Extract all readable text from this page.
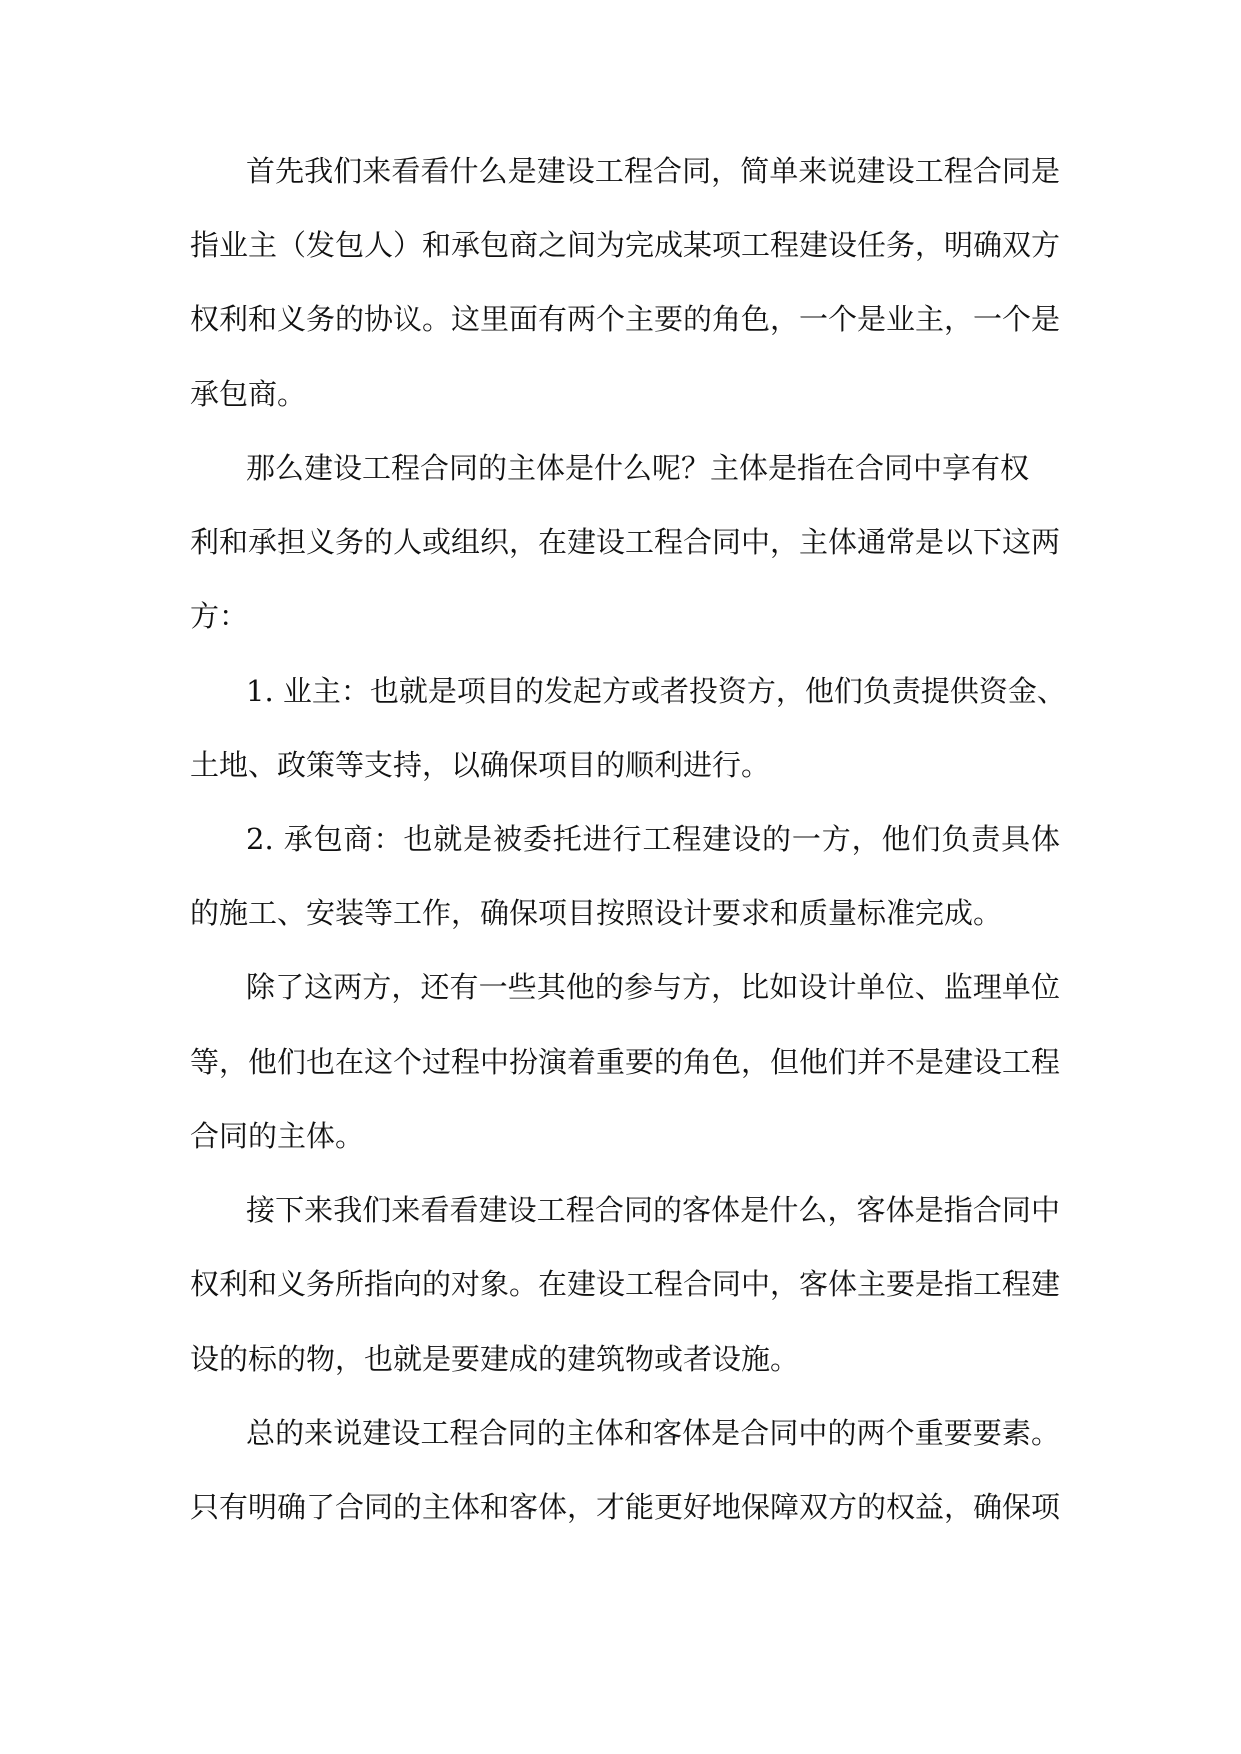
首先我们来看看什么是建设工程合同，简单来说建设工程合同是
指业主（发包人）和承包商之间为完成某项工程建设任务，明确双方
权利和义务的协议。这里面有两个主要的角色，一个是业主，一个是
承包商。
那么建设工程合同的主体是什么呢？主体是指在合同中享有权
利和承担义务的人或组织，在建设工程合同中，主体通常是以下这两
方：
1. 业主：也就是项目的发起方或者投资方，他们负责提供资金、
土地、政策等支持，以确保项目的顺利进行。
2. 承包商：也就是被委托进行工程建设的一方，他们负责具体
的施工、安装等工作，确保项目按照设计要求和质量标准完成。
除了这两方，还有一些其他的参与方，比如设计单位、监理单位
等，他们也在这个过程中扮演着重要的角色，但他们并不是建设工程
合同的主体。
接下来我们来看看建设工程合同的客体是什么，客体是指合同中
权利和义务所指向的对象。在建设工程合同中，客体主要是指工程建
设的标的物，也就是要建成的建筑物或者设施。
总的来说建设工程合同的主体和客体是合同中的两个重要要素。
只有明确了合同的主体和客体，才能更好地保障双方的权益，确保项
